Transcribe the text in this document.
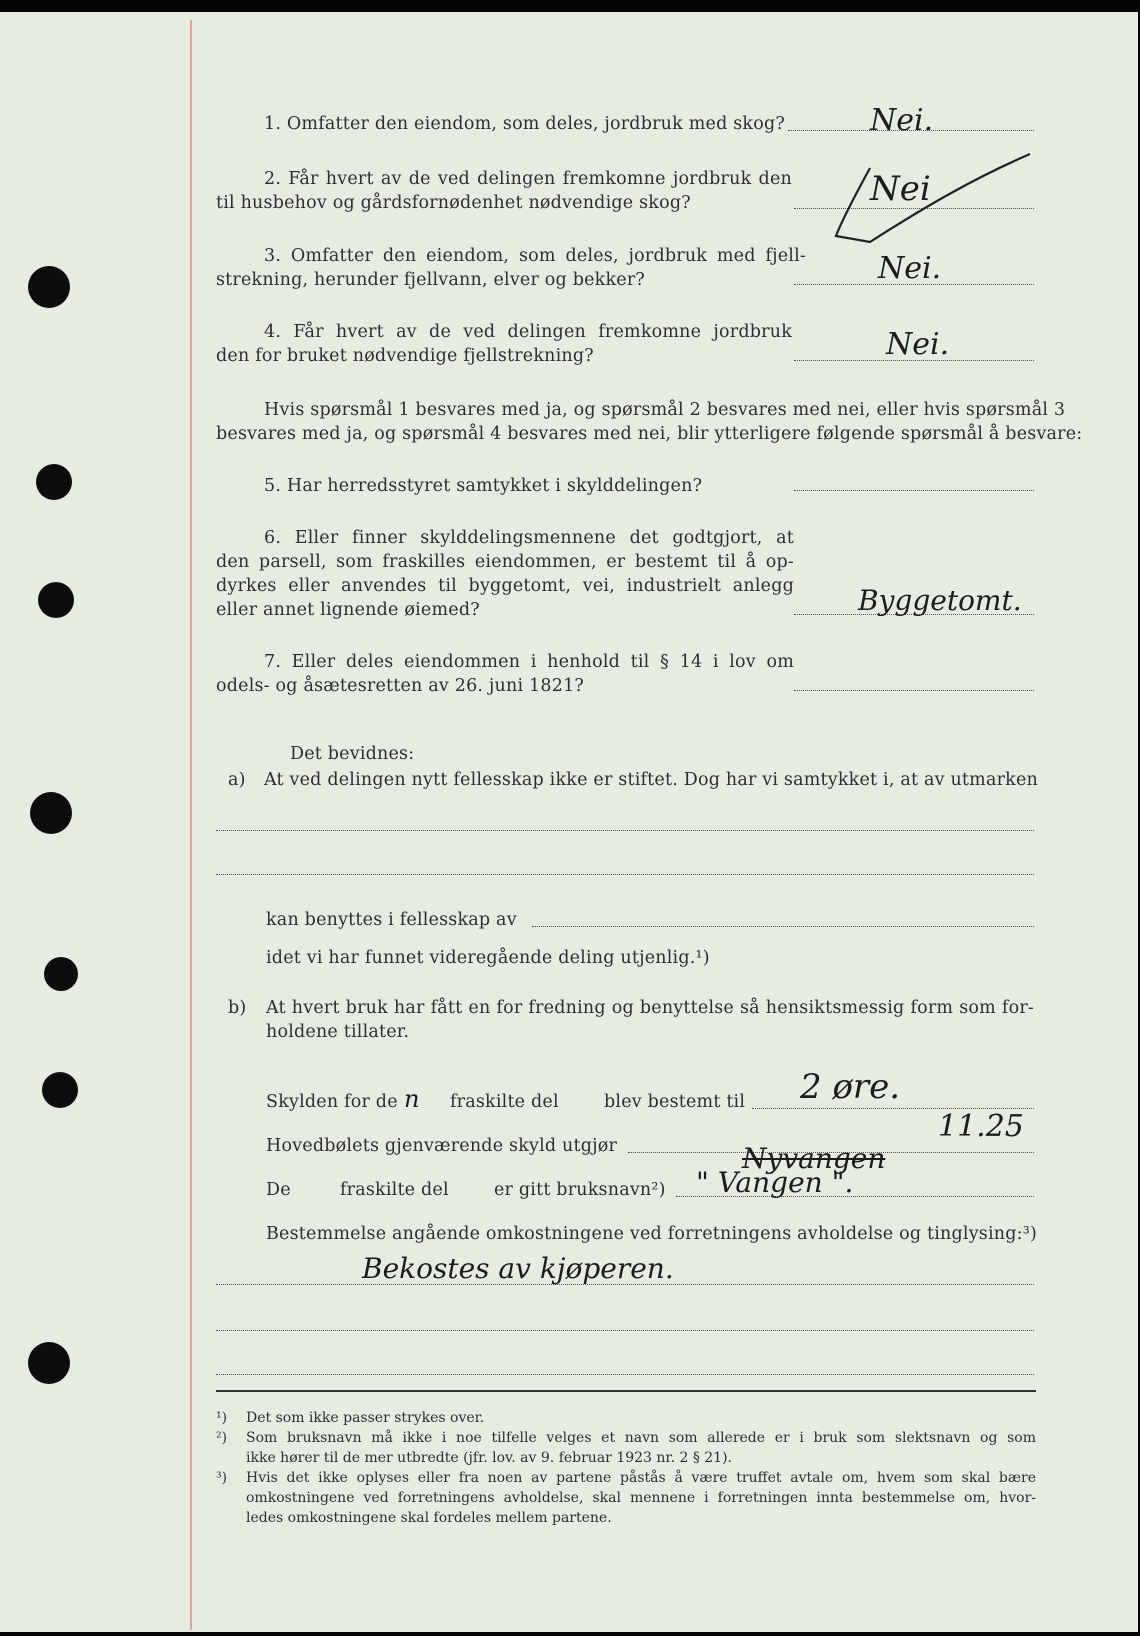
1. Omfatter den eiendom, som deles, jordbruk med skog?	Nei.
2. Får hvert av de ved delingen fremkomne jordbruk den
til husbehov og gårdsfornødenhet nødvendige skog?	Nei
3. Omfatter den eiendom, som deles, jordbruk med fjell-
strekning, herunder fjellvann, elver og bekker?	Nei.
4. Får hvert av de ved delingen fremkomne jordbruk
den for bruket nødvendige fjellstrekning?	Nei.
Hvis spørsmål 1 besvares med ja, og spørsmål 2 besvares med nei, eller hvis spørsmål 3
besvares med ja, og spørsmål 4 besvares med nei, blir ytterligere følgende spørsmål å besvare:
5. Har herredsstyret samtykket i skylddelingen?
6. Eller finner skylddelingsmennene det godtgjort, at
den parsell, som fraskilles eiendommen, er bestemt til å op-
dyrkes eller anvendes til byggetomt, vei, industrielt anlegg
eller annet lignende øiemed?	Byggetomt.
7. Eller deles eiendommen i henhold til § 14 i lov om
odels- og åsætesretten av 26. juni 1821?
Det bevidnes:
a) At ved delingen nytt fellesskap ikke er stiftet. Dog har vi samtykket i, at av utmarken
kan benyttes i fellesskap av
idet vi har funnet videregående deling utjenlig.¹)
b) At hvert bruk har fått en for fredning og benyttelse så hensiktsmessig form som for-
holdene tillater.
Skylden for de n fraskilte del	blev bestemt til 2 øre.
Hovedbølets gjenværende skyld utgjør
11.25
Nyvangen
De	fraskilte del	er gitt bruksnavn²) " Vangen ".
Bestemmelse angående omkostningene ved forretningens avholdelse og tinglysing:³)
Bekostes av kjøperen.
¹) Det som ikke passer strykes over.
²) Som bruksnavn må ikke i noe tilfelle velges et navn som allerede er i bruk som slektsnavn og som
ikke hører til de mer utbredte (jfr. lov. av 9. februar 1923 nr. 2 § 21).
³) Hvis det ikke oplyses eller fra noen av partene påstås å være truffet avtale om, hvem som skal bære
omkostningene ved forretningens avholdelse, skal mennene i forretningen innta bestemmelse om, hvor-
ledes omkostningene skal fordeles mellem partene.
